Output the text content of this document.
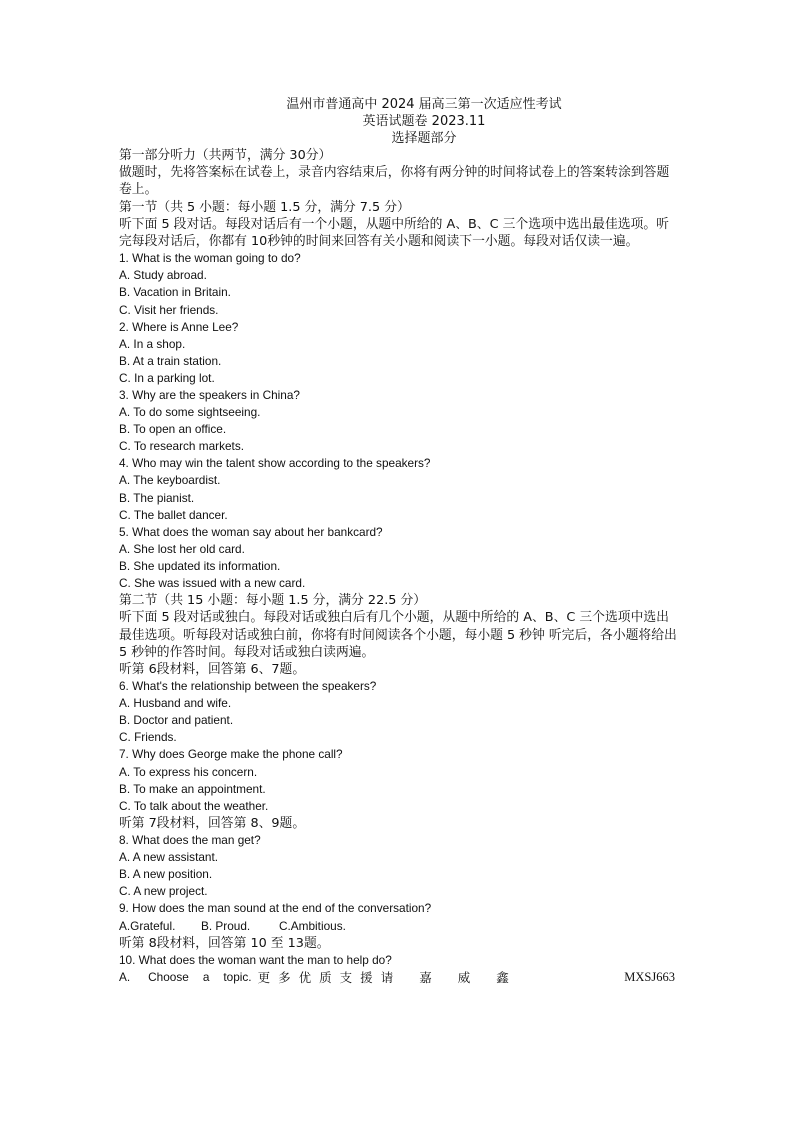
温州市普通高中 2024 届高三第一次适应性考试

英语试题卷 2023.11

选择题部分

第一部分听力（共两节，满分 30分）

做题时，先将答案标在试卷上，录音内容结束后，你将有两分钟的时间将试卷上的答案转涂到答题卷上。

第一节（共 5 小题：每小题 1.5 分，满分 7.5 分）

听下面 5 段对话。每段对话后有一个小题，从题中所给的 A、B、C 三个选项中选出最佳选项。听完每段对话后，你都有 10秒钟的时间来回答有关小题和阅读下一小题。每段对话仅读一遍。

1. What is the woman going to do?

A. Study abroad.

B. Vacation in Britain.

C. Visit her friends.

2. Where is Anne Lee?

A. In a shop.

B. At a train station.

C. In a parking lot.

3. Why are the speakers in China?

A. To do some sightseeing.

B. To open an office.

C. To research markets.

4. Who may win the talent show according to the speakers?

A. The keyboardist.

B. The pianist.

C. The ballet dancer.

5. What does the woman say about her bankcard?

A. She lost her old card.

B. She updated its information.

C. She was issued with a new card.

第二节（共 15 小题：每小题 1.5 分，满分 22.5 分）

听下面 5 段对话或独白。每段对话或独白后有几个小题，从题中所给的 A、B、C 三个选项中选出最佳选项。听每段对话或独白前，你将有时间阅读各个小题，每小题 5 秒钟 听完后，各小题将给出 5 秒钟的作答时间。每段对话或独白读两遍。

听第 6段材料，回答第 6、7题。

6. What's the relationship between the speakers?

A. Husband and wife.

B. Doctor and patient.

C. Friends.

7. Why does George make the phone call?

A. To express his concern.

B. To make an appointment.

C. To talk about the weather.

听第 7段材料，回答第 8、9题。

8. What does the man get?

A. A new assistant.

B. A new position.

C. A new project.

9. How does the man sound at the end of the conversation?

A.Grateful.	B. Proud.	C.Ambitious.

听第 8段材料，回答第 10 至 13题。

10. What does the woman want the man to help do?

A. Choose a topic. 更 多 优 质 支 援 请 嘉 威 鑫	MXSJ663
